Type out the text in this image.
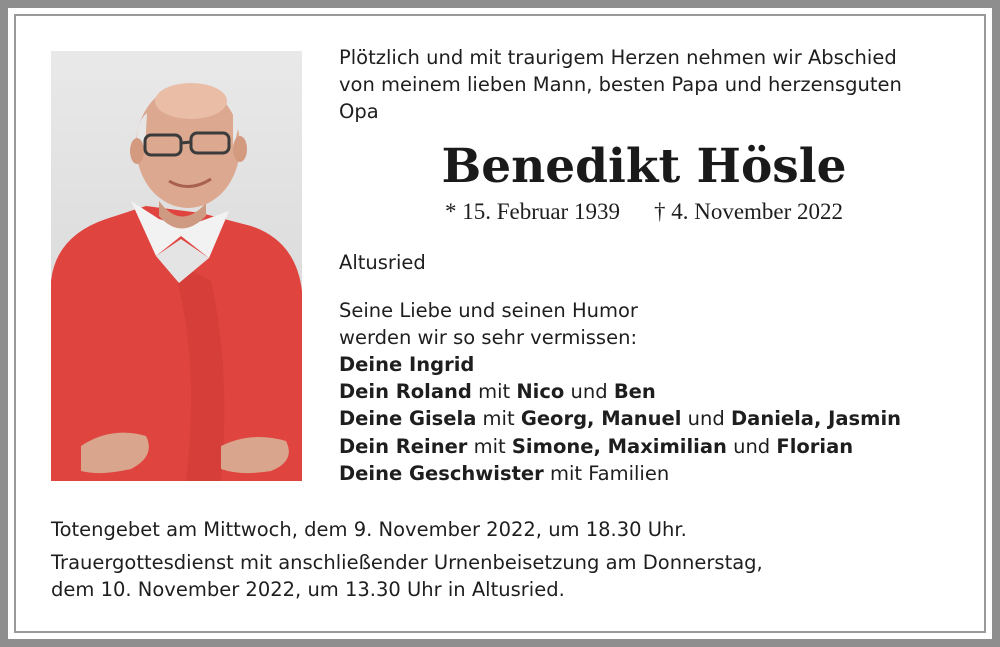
Plötzlich und mit traurigem Herzen nehmen wir Abschied
von meinem lieben Mann, besten Papa und herzensguten
Opa
Benedikt Hösle
* 15. Februar 1939 † 4. November 2022
Altusried
Seine Liebe und seinen Humor
werden wir so sehr vermissen:
Deine Ingrid
Dein Roland mit Nico und Ben
Deine Gisela mit Georg, Manuel und Daniela, Jasmin
Dein Reiner mit Simone, Maximilian und Florian
Deine Geschwister mit Familien
Totengebet am Mittwoch, dem 9. November 2022, um 18.30 Uhr.
Trauergottesdienst mit anschließender Urnenbeisetzung am Donnerstag,
dem 10. November 2022, um 13.30 Uhr in Altusried.
